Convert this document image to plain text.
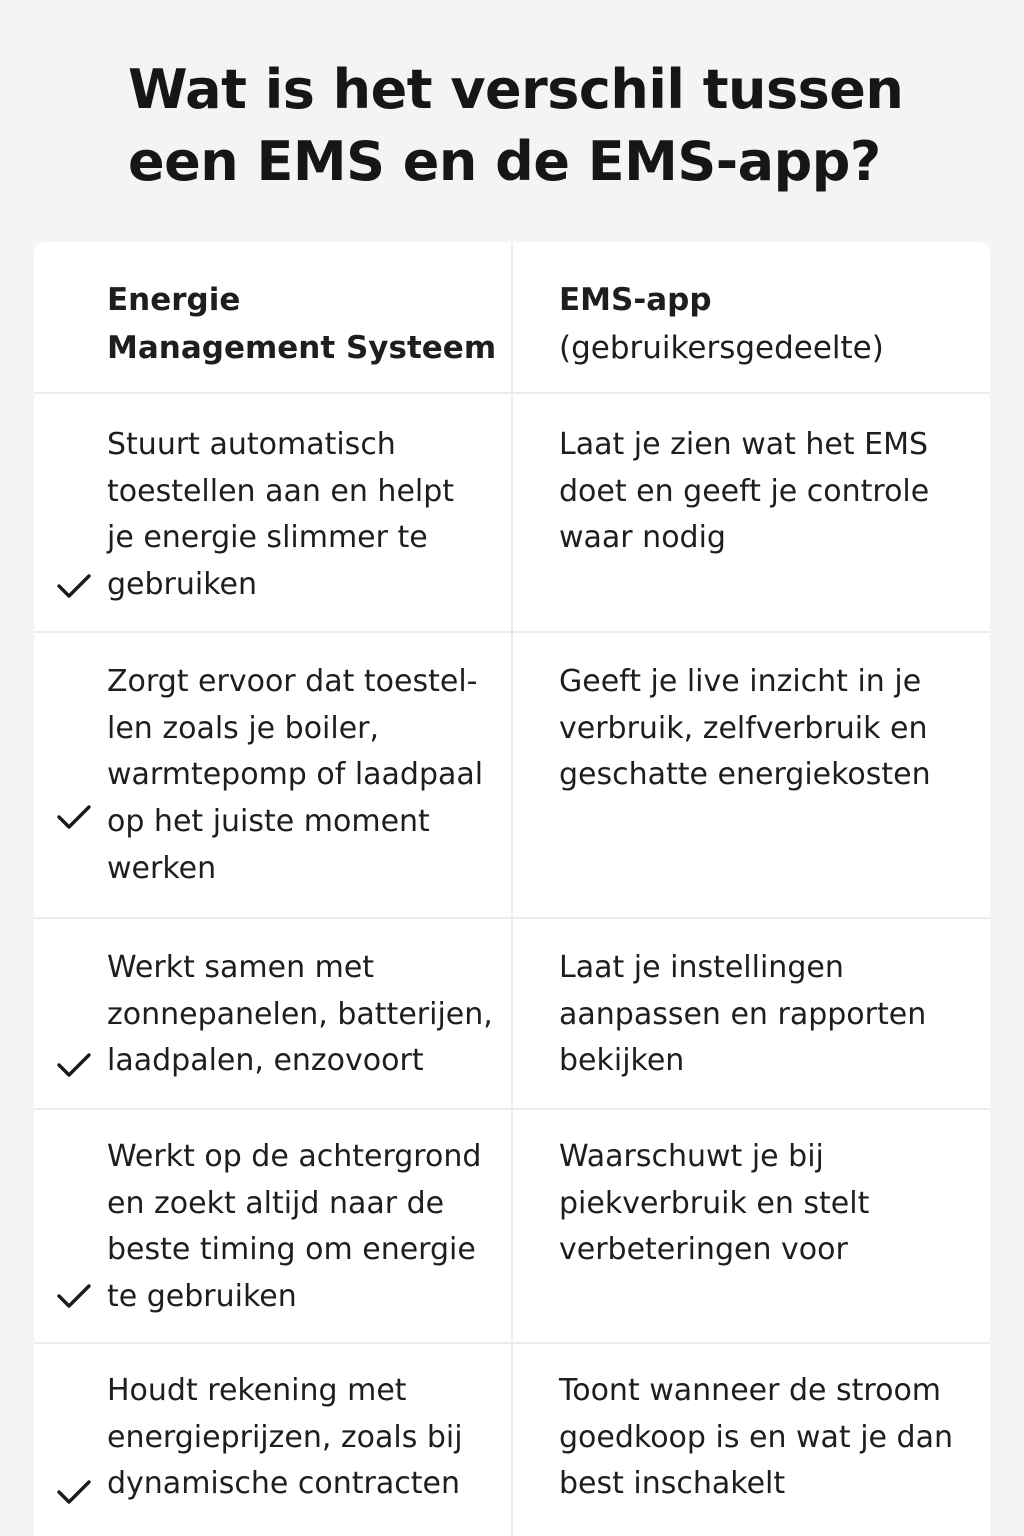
Wat is het verschil tussen
een EMS en de EMS-app?
Energie
Management Systeem
EMS-app
(gebruikersgedeelte)
Stuurt automatisch
toestellen aan en helpt
je energie slimmer te
gebruiken
Laat je zien wat het EMS
doet en geeft je controle
waar nodig
Zorgt ervoor dat toestel-
len zoals je boiler,
warmtepomp of laadpaal
op het juiste moment
werken
Geeft je live inzicht in je
verbruik, zelfverbruik en
geschatte energiekosten
Werkt samen met
zonnepanelen, batterijen,
laadpalen, enzovoort
Laat je instellingen
aanpassen en rapporten
bekijken
Werkt op de achtergrond
en zoekt altijd naar de
beste timing om energie
te gebruiken
Waarschuwt je bij
piekverbruik en stelt
verbeteringen voor
Houdt rekening met
energieprijzen, zoals bij
dynamische contracten
Toont wanneer de stroom
goedkoop is en wat je dan
best inschakelt
